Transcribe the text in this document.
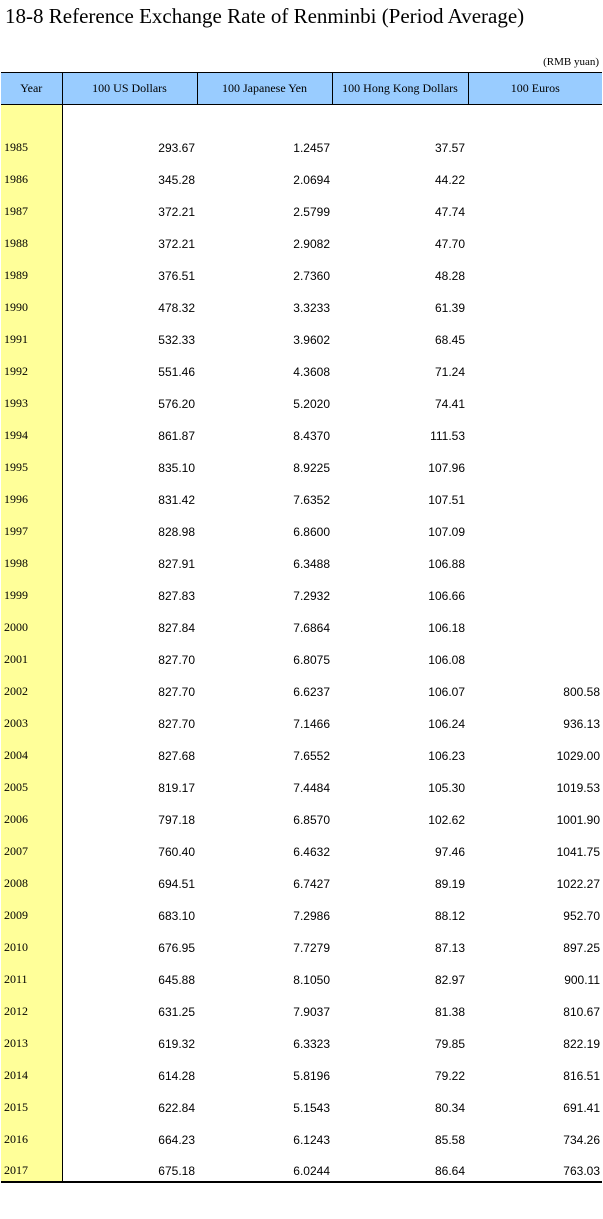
18-8 Reference Exchange Rate of Renminbi (Period Average)
(RMB yuan)
Year	100 US Dollars	100 Japanese Yen	100 Hong Kong Dollars	100 Euros

1985	293.67	1.2457	37.57	
1986	345.28	2.0694	44.22	
1987	372.21	2.5799	47.74	
1988	372.21	2.9082	47.70	
1989	376.51	2.7360	48.28	
1990	478.32	3.3233	61.39	
1991	532.33	3.9602	68.45	
1992	551.46	4.3608	71.24	
1993	576.20	5.2020	74.41	
1994	861.87	8.4370	111.53	
1995	835.10	8.9225	107.96	
1996	831.42	7.6352	107.51	
1997	828.98	6.8600	107.09	
1998	827.91	6.3488	106.88	
1999	827.83	7.2932	106.66	
2000	827.84	7.6864	106.18	
2001	827.70	6.8075	106.08	
2002	827.70	6.6237	106.07	800.58
2003	827.70	7.1466	106.24	936.13
2004	827.68	7.6552	106.23	1029.00
2005	819.17	7.4484	105.30	1019.53
2006	797.18	6.8570	102.62	1001.90
2007	760.40	6.4632	97.46	1041.75
2008	694.51	6.7427	89.19	1022.27
2009	683.10	7.2986	88.12	952.70
2010	676.95	7.7279	87.13	897.25
2011	645.88	8.1050	82.97	900.11
2012	631.25	7.9037	81.38	810.67
2013	619.32	6.3323	79.85	822.19
2014	614.28	5.8196	79.22	816.51
2015	622.84	5.1543	80.34	691.41
2016	664.23	6.1243	85.58	734.26
2017	675.18	6.0244	86.64	763.03
